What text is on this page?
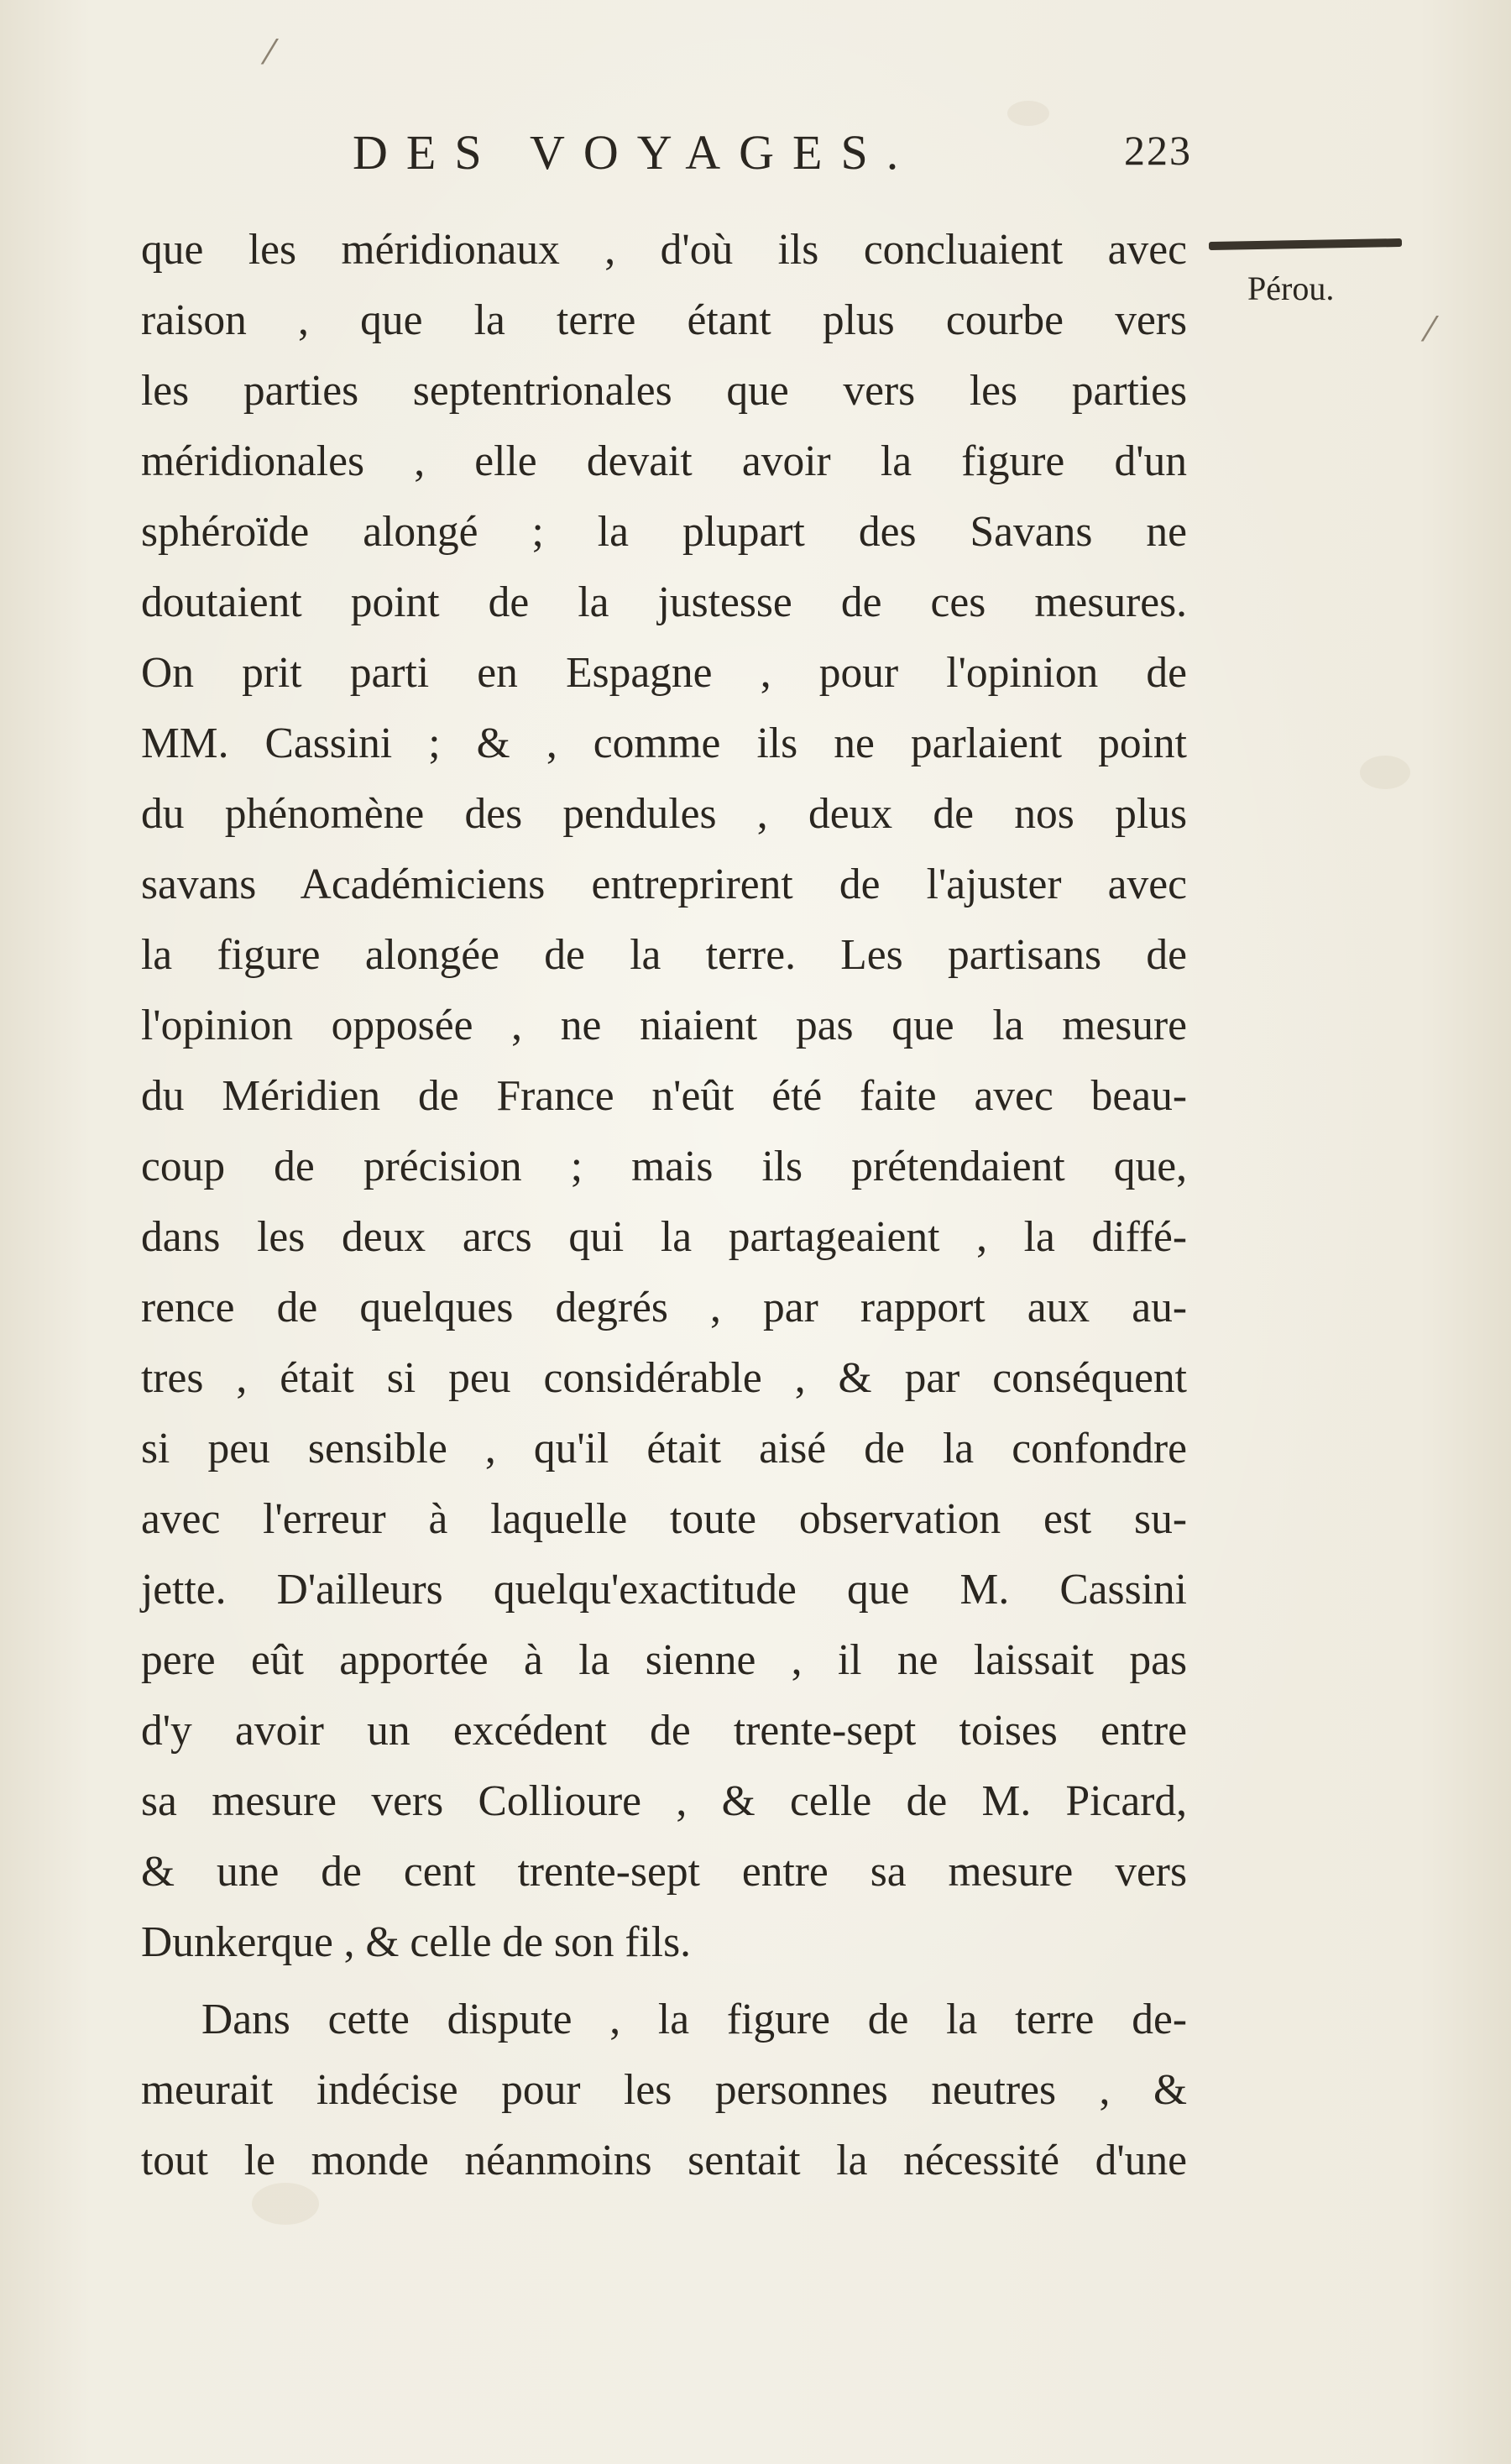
⁄
⁄
DES VOYAGES.	223
Pérou.
que les méridionaux , d'où ils concluaient avec
raison , que la terre étant plus courbe vers
les parties septentrionales que vers les parties
méridionales , elle devait avoir la figure d'un
sphéroïde alongé ; la plupart des Savans ne
doutaient point de la justesse de ces mesures.
On prit parti en Espagne , pour l'opinion de
MM. Cassini ; & , comme ils ne parlaient point
du phénomène des pendules , deux de nos plus
savans Académiciens entreprirent de l'ajuster avec
la figure alongée de la terre. Les partisans de
l'opinion opposée , ne niaient pas que la mesure
du Méridien de France n'eût été faite avec beau-
coup de précision ; mais ils prétendaient que,
dans les deux arcs qui la partageaient , la diffé-
rence de quelques degrés , par rapport aux au-
tres , était si peu considérable , & par conséquent
si peu sensible , qu'il était aisé de la confondre
avec l'erreur à laquelle toute observation est su-
jette. D'ailleurs quelqu'exactitude que M. Cassini
pere eût apportée à la sienne , il ne laissait pas
d'y avoir un excédent de trente-sept toises entre
sa mesure vers Collioure , & celle de M. Picard,
& une de cent trente-sept entre sa mesure vers
Dunkerque , & celle de son fils.
Dans cette dispute , la figure de la terre de-
meurait indécise pour les personnes neutres , &
tout le monde néanmoins sentait la nécessité d'une
